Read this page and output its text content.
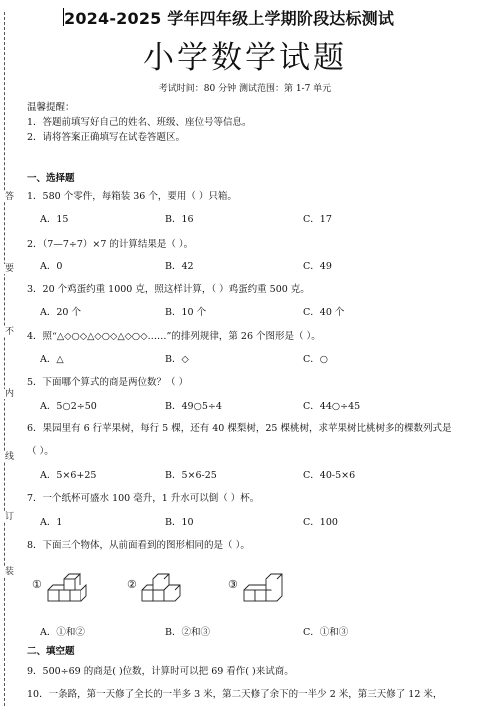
答
要
不
内
线
订
装
2024-2025 学年四年级上学期阶段达标测试
小学数学试题
考试时间：80 分钟 测试范围：第 1-7 单元
温馨提醒：
1．答题前填写好自己的姓名、班级、座位号等信息。
2．请将答案正确填写在试卷答题区。
一、选择题
1．580 个零件，每箱装 36 个，要用（ ）只箱。
A．15	B．16	C．17
2．（7—7÷7）×7 的计算结果是（ ）。
A．0	B．42	C．49
3．20 个鸡蛋约重 1000 克，照这样计算，（ ）鸡蛋约重 500 克。
A．20 个	B．10 个	C．40 个
4．照“△◇○◇△◇○◇△◇○◇……”的排列规律，第 26 个图形是（ ）。
A．△	B．◇	C．○
5．下面哪个算式的商是两位数？（ ）
A．5○2÷50	B．49○5÷4	C．44○÷45
6．果园里有 6 行苹果树，每行 5 棵，还有 40 棵梨树，25 棵桃树，求苹果树比桃树多的棵数列式是
（ ）。
A．5×6+25	B．5×6-25	C．40-5×6
7．一个纸杯可盛水 100 毫升，1 升水可以倒（ ）杯。
A．1	B．10	C．100
8．下面三个物体，从前面看到的图形相同的是（ ）。
①	②	③
A．①和②	B．②和③	C．①和③
二、填空题
9．500÷69 的商是( )位数，计算时可以把 69 看作( )来试商。
10．一条路，第一天修了全长的一半多 3 米，第二天修了余下的一半少 2 米，第三天修了 12 米，
